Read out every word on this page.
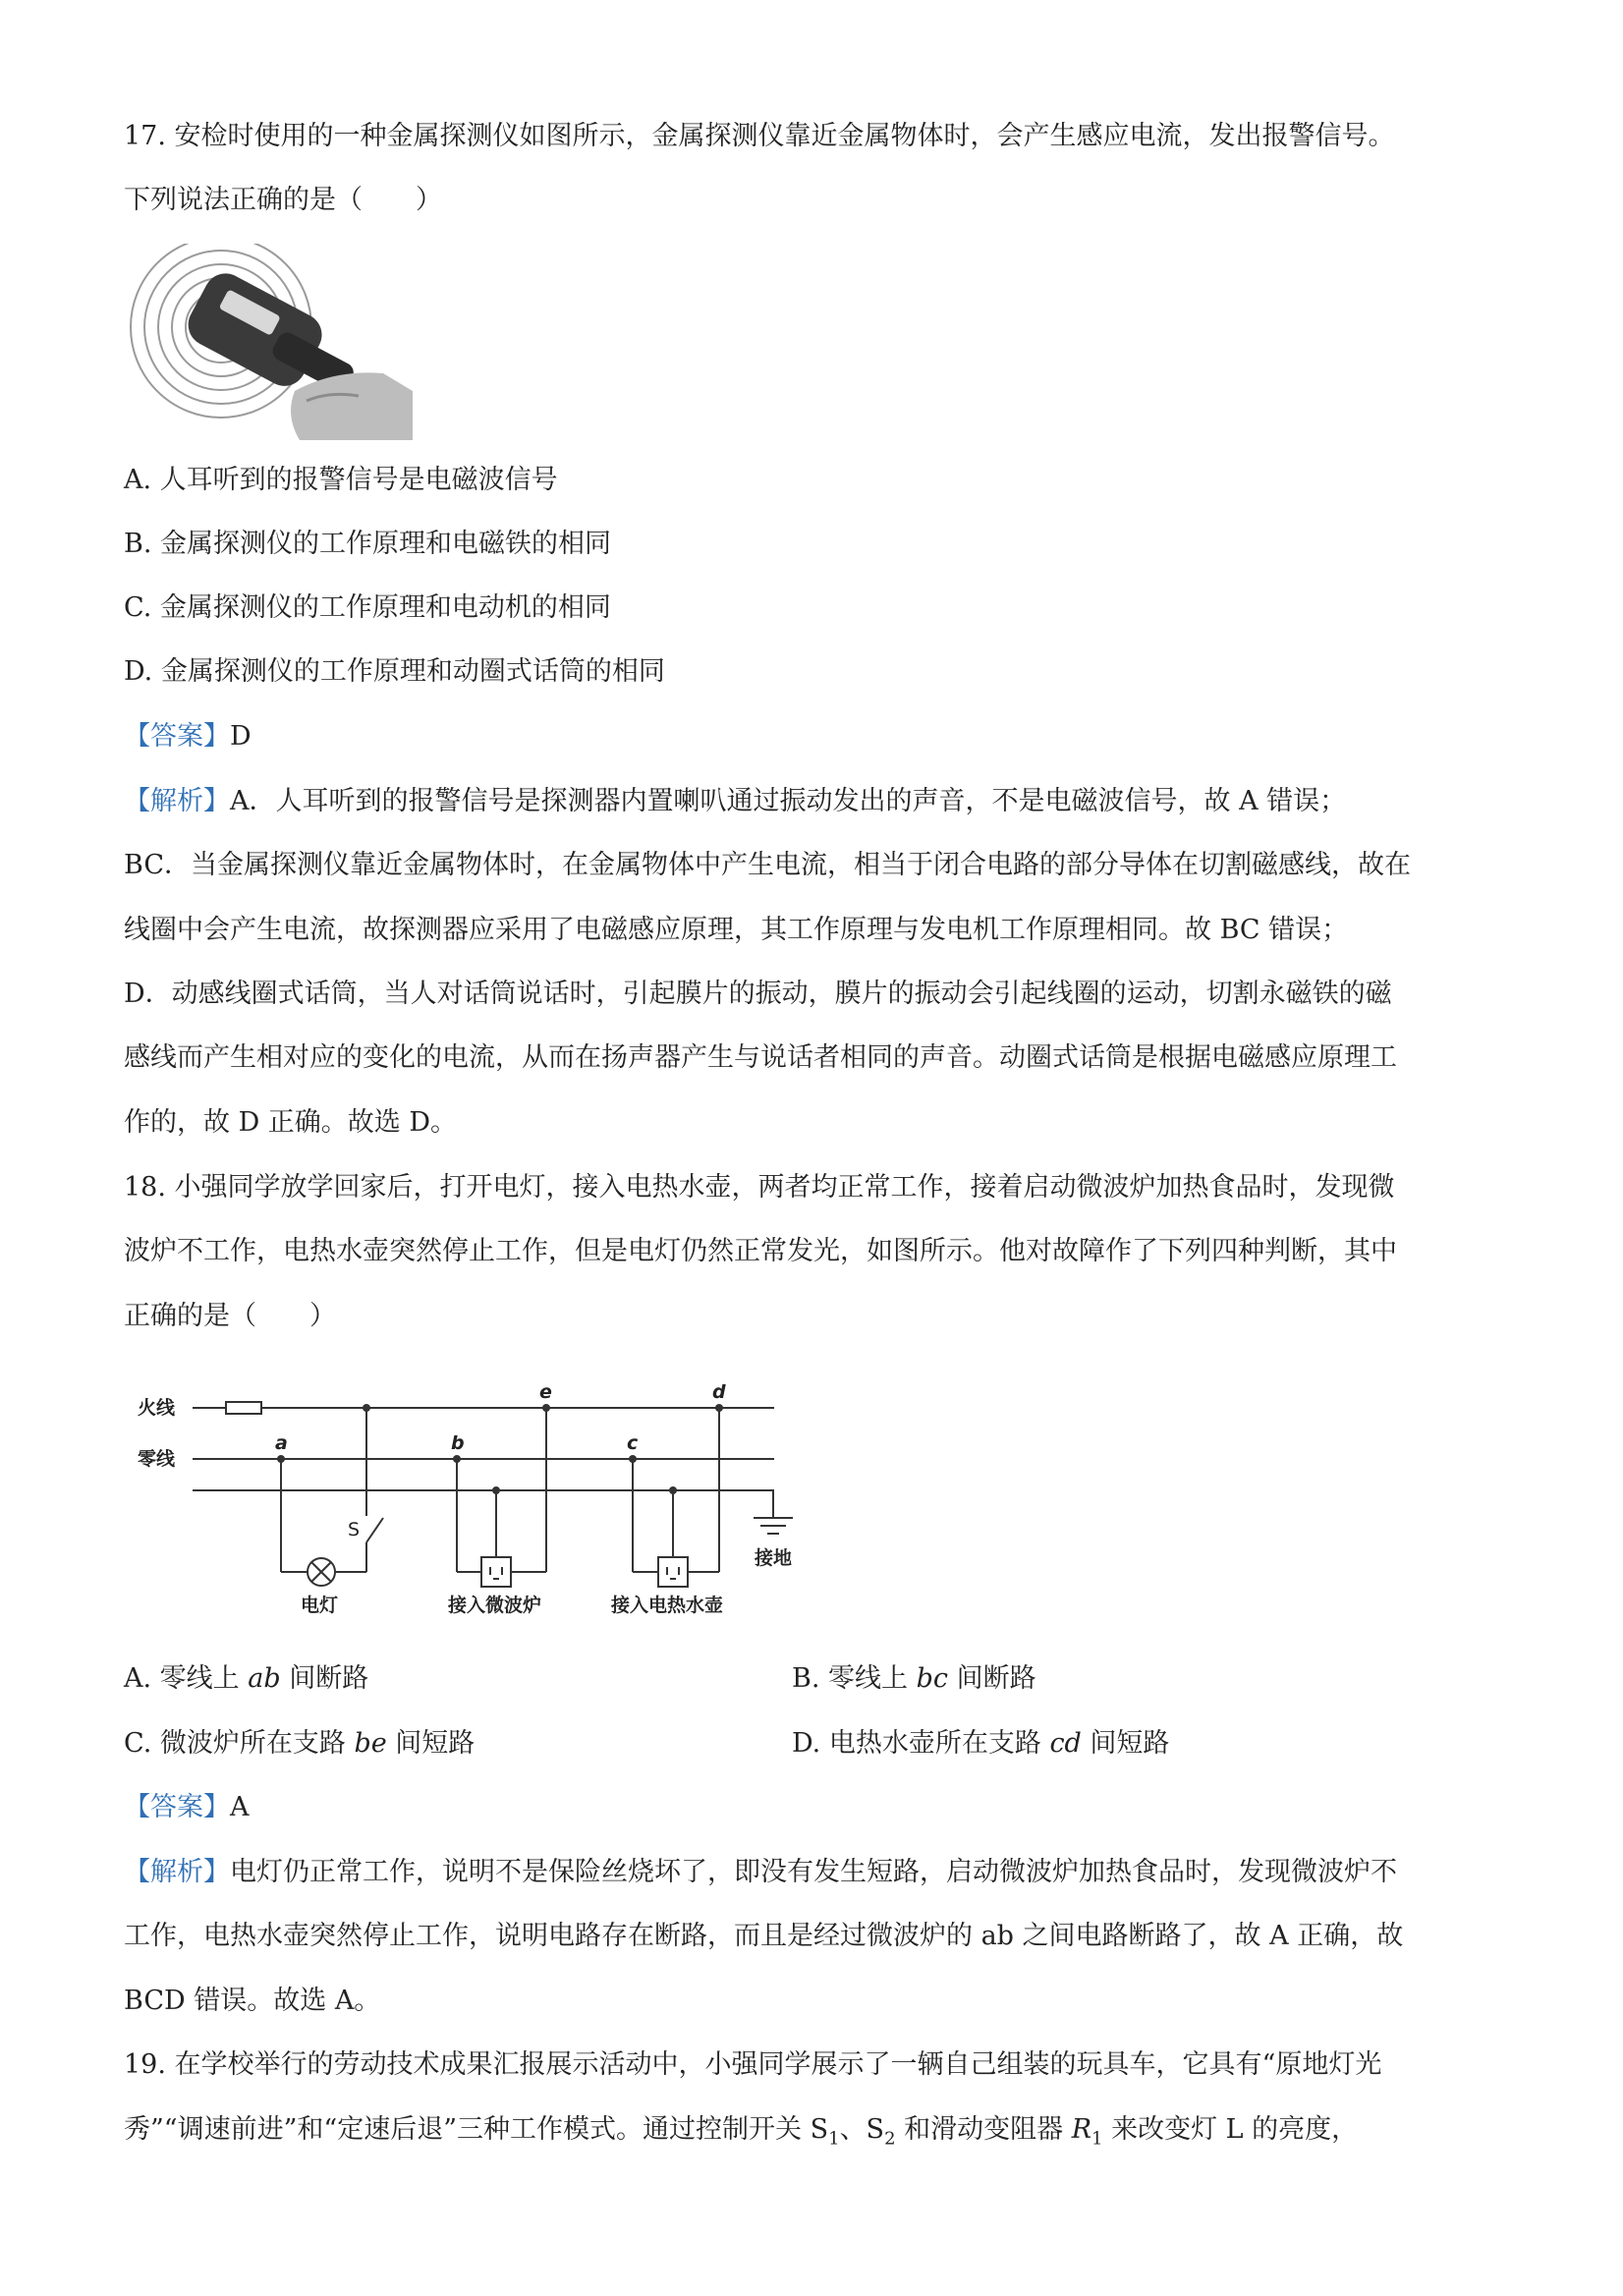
17. 安检时使用的一种金属探测仪如图所示，金属探测仪靠近金属物体时，会产生感应电流，发出报警信号。
下列说法正确的是（　　）
A. 人耳听到的报警信号是电磁波信号
B. 金属探测仪的工作原理和电磁铁的相同
C. 金属探测仪的工作原理和电动机的相同
D. 金属探测仪的工作原理和动圈式话筒的相同
【答案】D
【解析】A．人耳听到的报警信号是探测器内置喇叭通过振动发出的声音，不是电磁波信号，故 A 错误；
BC．当金属探测仪靠近金属物体时，在金属物体中产生电流，相当于闭合电路的部分导体在切割磁感线，故在
线圈中会产生电流，故探测器应采用了电磁感应原理，其工作原理与发电机工作原理相同。故 BC 错误；
D．动感线圈式话筒，当人对话筒说话时，引起膜片的振动，膜片的振动会引起线圈的运动，切割永磁铁的磁
感线而产生相对应的变化的电流，从而在扬声器产生与说话者相同的声音。动圈式话筒是根据电磁感应原理工
作的，故 D 正确。故选 D。
18. 小强同学放学回家后，打开电灯，接入电热水壶，两者均正常工作，接着启动微波炉加热食品时，发现微
波炉不工作，电热水壶突然停止工作，但是电灯仍然正常发光，如图所示。他对故障作了下列四种判断，其中
正确的是（　　）
火线
零线
接地
电灯	接入微波炉	接入电热水壶
S
a	b	c
d
e
A. 零线上 ab 间断路	B. 零线上 bc 间断路
C. 微波炉所在支路 be 间短路	D. 电热水壶所在支路 cd 间短路
【答案】A
【解析】电灯仍正常工作，说明不是保险丝烧坏了，即没有发生短路，启动微波炉加热食品时，发现微波炉不
工作，电热水壶突然停止工作，说明电路存在断路，而且是经过微波炉的 ab 之间电路断路了，故 A 正确，故
BCD 错误。故选 A。
19. 在学校举行的劳动技术成果汇报展示活动中，小强同学展示了一辆自己组装的玩具车，它具有“原地灯光
秀”“调速前进”和“定速后退”三种工作模式。通过控制开关 $S_1$、$S_2$ 和滑动变阻器 $R_1$ 来改变灯 L 的亮度，
